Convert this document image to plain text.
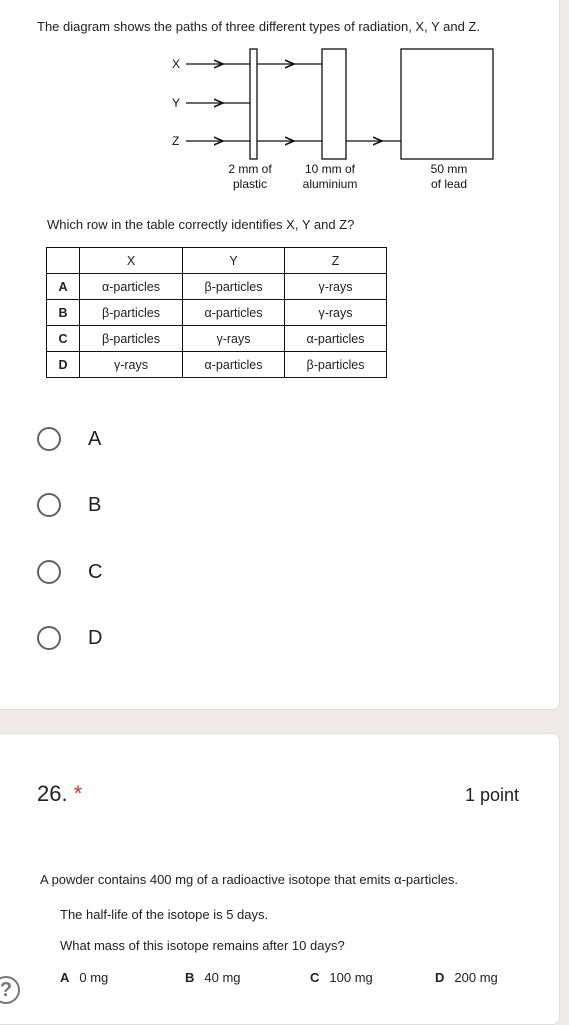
The diagram shows the paths of three different types of radiation, X, Y and Z.

X
Y
Z
2 mm of
plastic
10 mm of
aluminium
50 mm
of lead

Which row in the table correctly identifies X, Y and Z?

	X	Y	Z
A	α-particles	β-particles	γ-rays
B	β-particles	α-particles	γ-rays
C	β-particles	γ-rays	α-particles
D	γ-rays	α-particles	β-particles
A
B
C
D
26. *	1 point

A powder contains 400 mg of a radioactive isotope that emits α-particles.

The half-life of the isotope is 5 days.

What mass of this isotope remains after 10 days?

A 0 mg	B 40 mg	C 100 mg	D 200 mg
?
